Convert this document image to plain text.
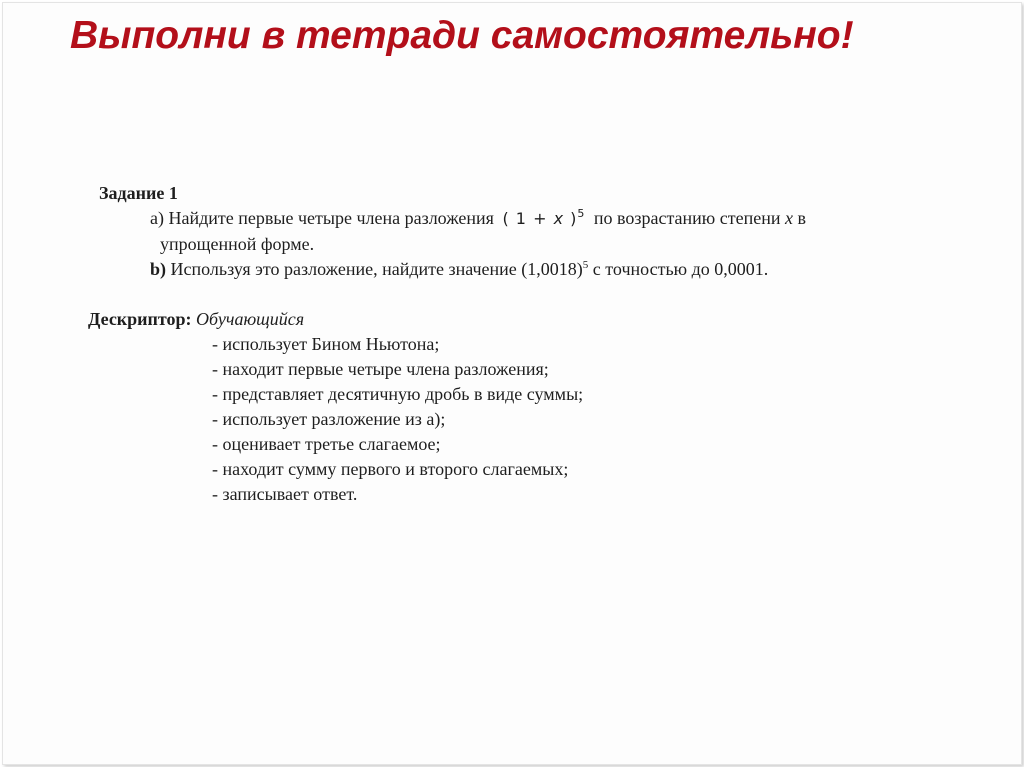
Выполни в тетради самостоятельно!
Задание 1
а) Найдите первые четыре члена разложения ( 1 + x )$^5$ по возрастанию степени x в
упрощенной форме.
b) Используя это разложение, найдите значение $(1,0018)^5$ с точностью до 0,0001.
Дескриптор: Обучающийся
- использует Бином Ньютона;
- находит первые четыре члена разложения;
- представляет десятичную дробь в виде суммы;
- использует разложение из а);
- оценивает третье слагаемое;
- находит сумму первого и второго слагаемых;
- записывает ответ.
